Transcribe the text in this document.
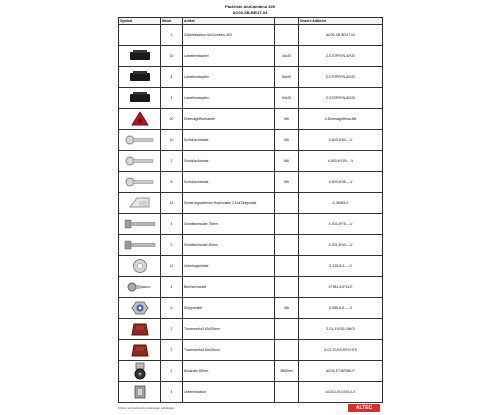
Packliste AluCombino 400
AC00-ZB-BEUT-04
Symbol	Stück	Artikel		Unsere Artikelnr
	1	Zubehörkarton AluCombino 400		AC00-ZB-BEUT-04

	10	Lamellenstopfen	40x20	Z-STOPFEN-40*20

	4	Lamellenstopfen	60x20	Z-STOPFEN-60*20

	4	Lamellenstopfen	60x25	Z-STOPFEN-60*25

	20	Dreieckgriffschraube	M6	Z-Dreieckgriffmut-M6

	10	Schloßschraube	M6	X-603-6*60----V

	2	Schloßschraube	M6	X-603-6*100----V

	8	Schloßschraube	M6	X-603-6*35----V

	12	Sicherungsklemme Horizontale 2,1ml Diagonale		Z-36083-0

	4	Schaftschraube 75mm		X-931-8*75----V

	2	Schaftschraube 40mm		X-931-8*40----V

	12	Unterlegscheibe		X-125-8,4-----V

	4	Blechschraube		X7981-4,8*13-E

	6	Stoppmutter	M8	X-985-8-8-----V

	2	Traversenfuß 60x25mm		Z-GL-FUSS-LINKS

	2	Traversenfuß 60x25mm		Z-GL-FUSS-RECHTS

	2	Bockrolle 80mm	Ø80mm	AC00-ET-BR080-P

	4	Leitereinschub		AC00-LEI-0240-0-X
Irrtümer und technische Änderungen vorbehalten	ALTEC
